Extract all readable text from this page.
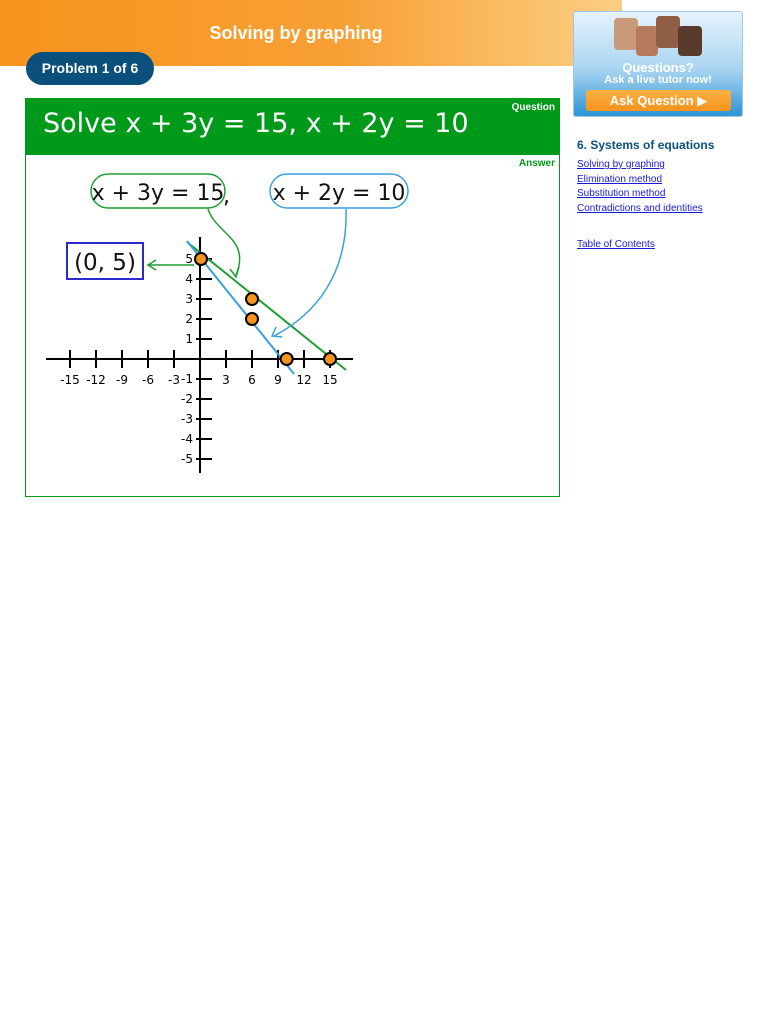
Solving by graphing
Problem 1 of 6
Question
Solve x + 3y = 15, x + 2y = 10
Answer
x + 3y = 15
, x + 2y = 10
(0, 5)
-15 -12 -9 -6 -3	3 6 9 12 15
5
4
3
2
1
-1
-2
-3
-4
-5
Questions?
Ask a live tutor now!
Ask Question ▶
6. Systems of equations
Solving by graphing
Elimination method
Substitution method
Contradictions and identities
Table of Contents
